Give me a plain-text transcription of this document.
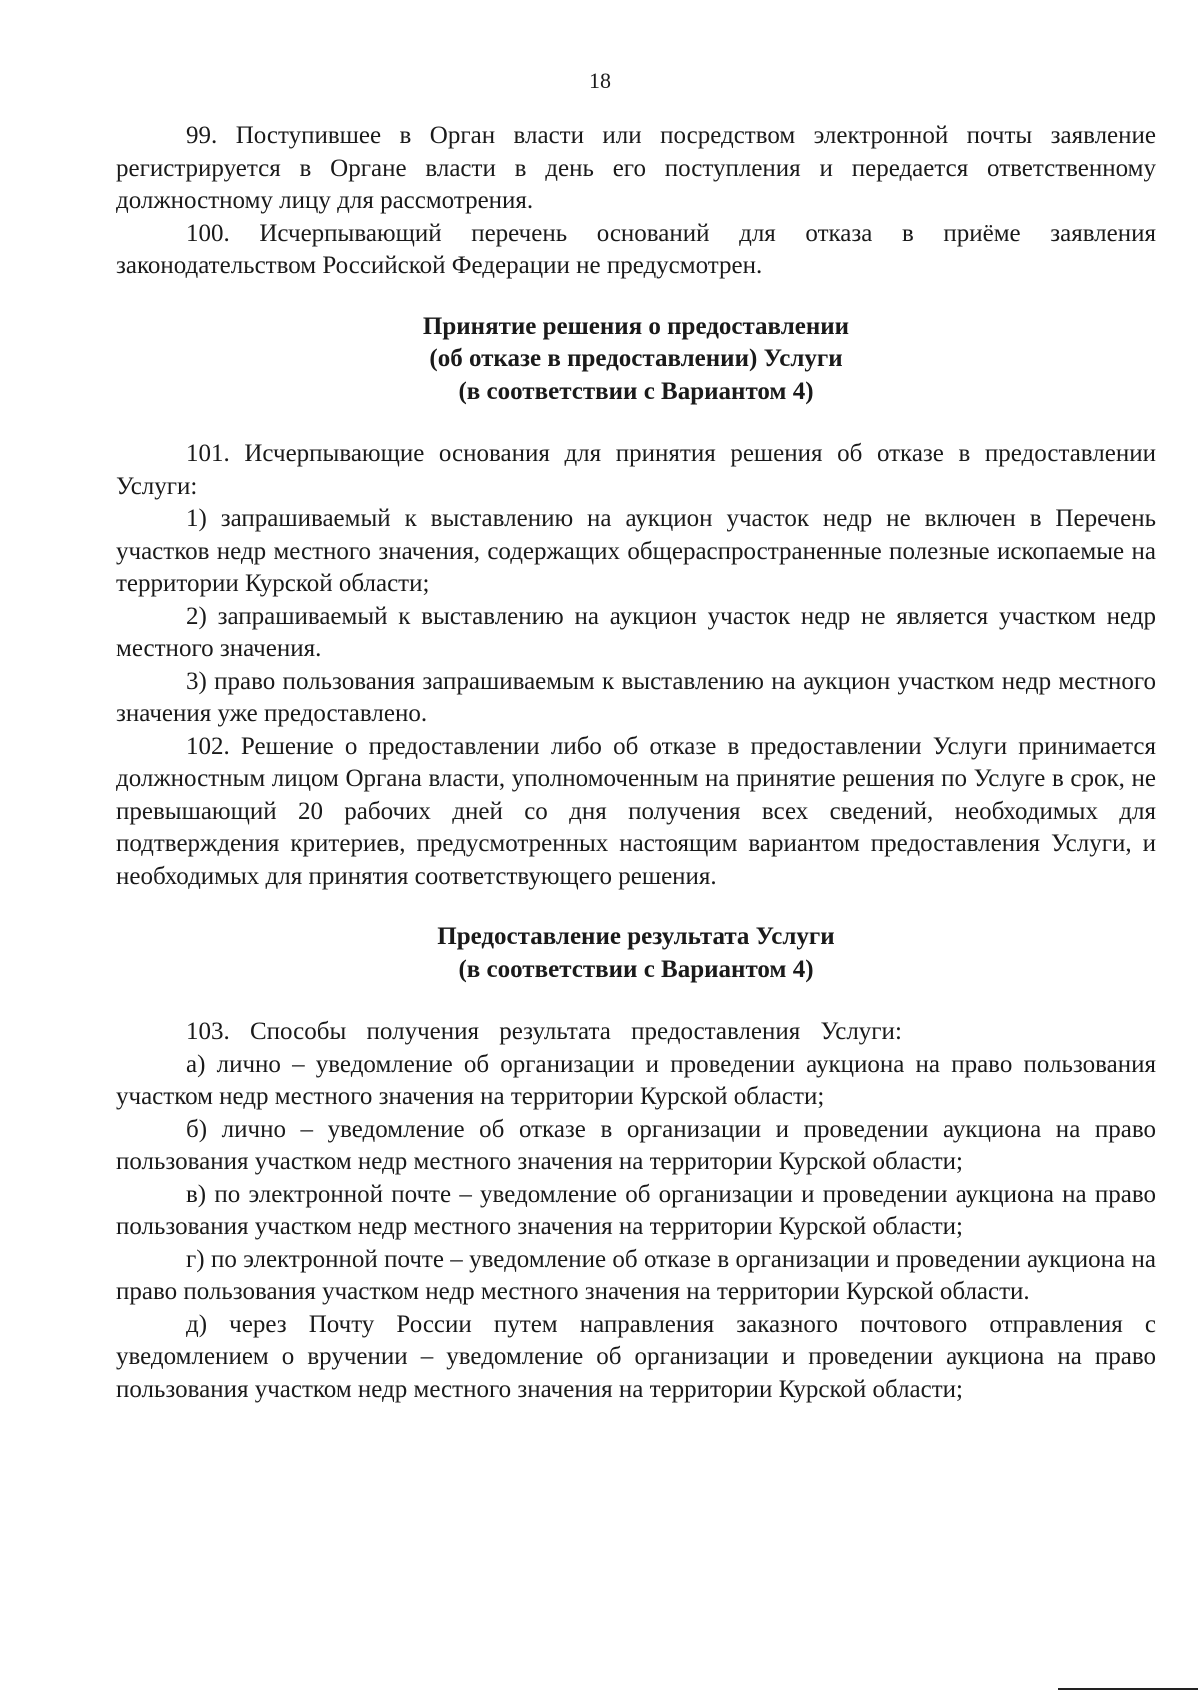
18

99. Поступившее в Орган власти или посредством электронной почты заявление регистрируется в Органе власти в день его поступления и передается ответственному должностному лицу для рассмотрения.

100. Исчерпывающий перечень оснований для отказа в приёме заявления законодательством Российской Федерации не предусмотрен.

Принятие решения о предоставлении
(об отказе в предоставлении) Услуги
(в соответствии с Вариантом 4)

101. Исчерпывающие основания для принятия решения об отказе в предоставлении Услуги:

1) запрашиваемый к выставлению на аукцион участок недр не включен в Перечень участков недр местного значения, содержащих общераспространенные полезные ископаемые на территории Курской области;

2) запрашиваемый к выставлению на аукцион участок недр не является участком недр местного значения.

3) право пользования запрашиваемым к выставлению на аукцион участком недр местного значения уже предоставлено.

102. Решение о предоставлении либо об отказе в предоставлении Услуги принимается должностным лицом Органа власти, уполномоченным на принятие решения по Услуге в срок, не превышающий 20 рабочих дней со дня получения всех сведений, необходимых для подтверждения критериев, предусмотренных настоящим вариантом предоставления Услуги, и необходимых для принятия соответствующего решения.

Предоставление результата Услуги
(в соответствии с Вариантом 4)

103. Способы получения результата предоставления Услуги:

а) лично – уведомление об организации и проведении аукциона на право пользования участком недр местного значения на территории Курской области;

б) лично – уведомление об отказе в организации и проведении аукциона на право пользования участком недр местного значения на территории Курской области;

в) по электронной почте – уведомление об организации и проведении аукциона на право пользования участком недр местного значения на территории Курской области;

г) по электронной почте – уведомление об отказе в организации и проведении аукциона на право пользования участком недр местного значения на территории Курской области.

д) через Почту России путем направления заказного почтового отправления с уведомлением о вручении – уведомление об организации и проведении аукциона на право пользования участком недр местного значения на территории Курской области;
